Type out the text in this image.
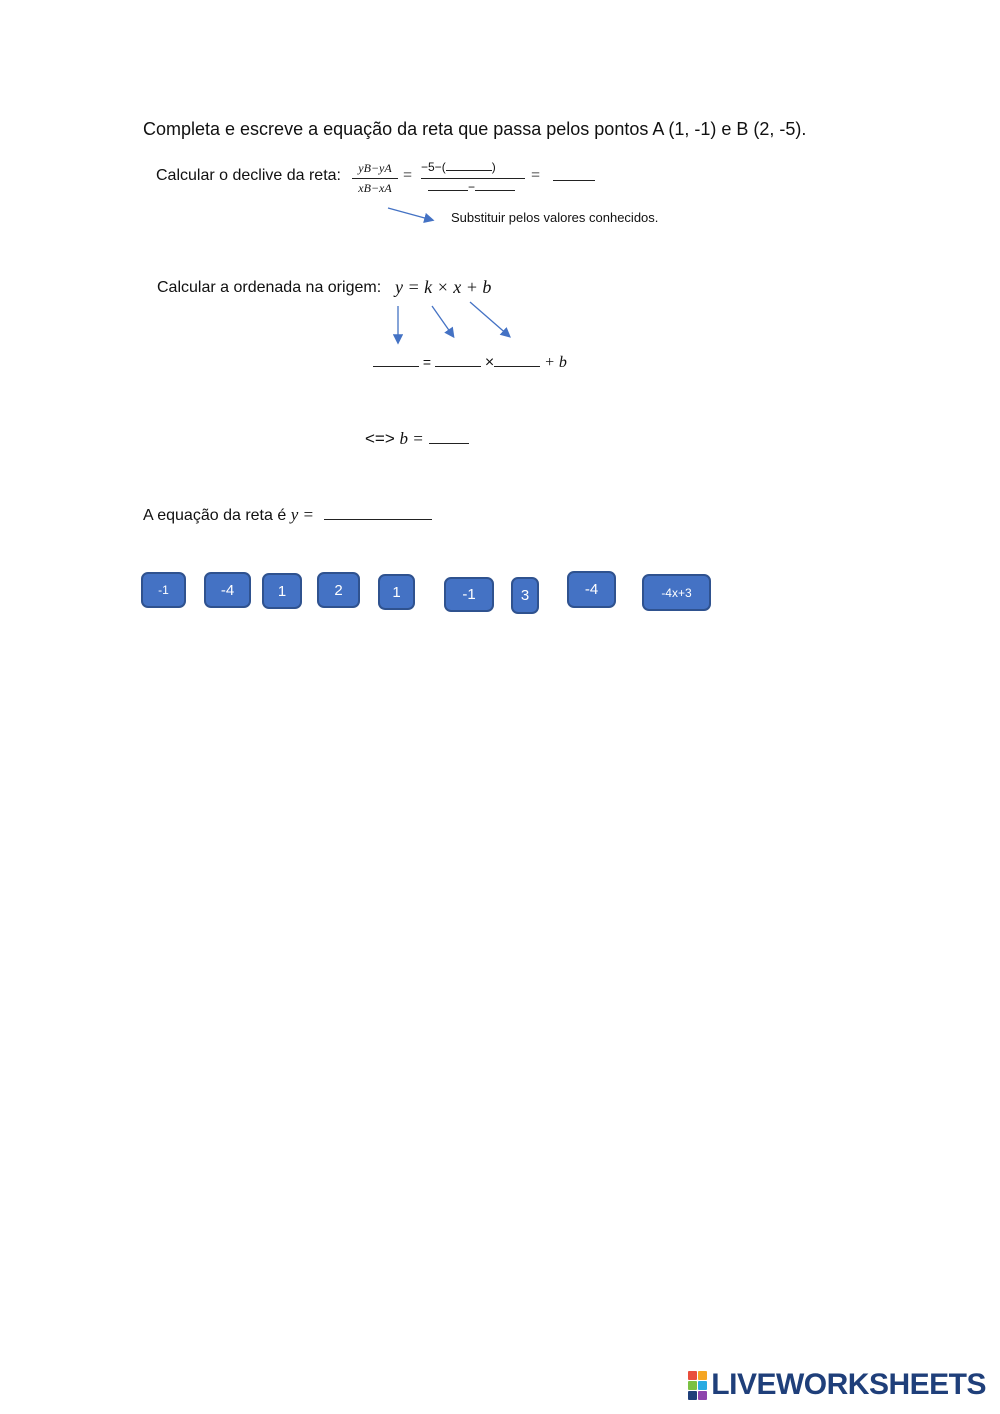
Completa e escreve a equação da reta que passa pelos pontos A (1, -1) e B (2, -5).
Calcular o declive da reta:	yB−yA
xB−xA
= −5−(	)
−
=
Substituir pelos valores conhecidos.
Calcular a ordenada na origem: y = k × x + b
=	×	+ b
<=> b =
A equação da reta é y =
-1	-4	1	2	1	-1	3	-4	-4x+3
LIVEWORKSHEETS
